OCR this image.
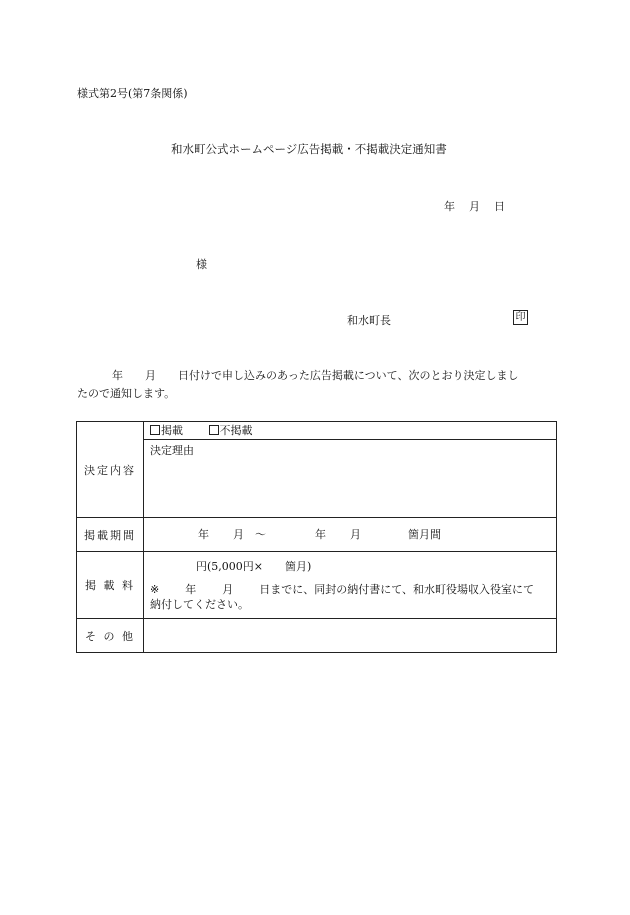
様式第2号(第7条関係)
和水町公式ホームページ広告掲載・不掲載決定通知書
年 月 日
様
和水町長	印
年 月 日付けで申し込みのあった広告掲載について、次のとおり決定しまし
たので通知します。
決定内容	掲載 不掲載
決定理由

掲載期間	年 月 〜 年 月 箇月間

掲 載 料	円(5,000円×　　箇月)
※ 年 月 日までに、同封の納付書にて、和水町役場収入役室にて
納付してください。

そ の 他	
